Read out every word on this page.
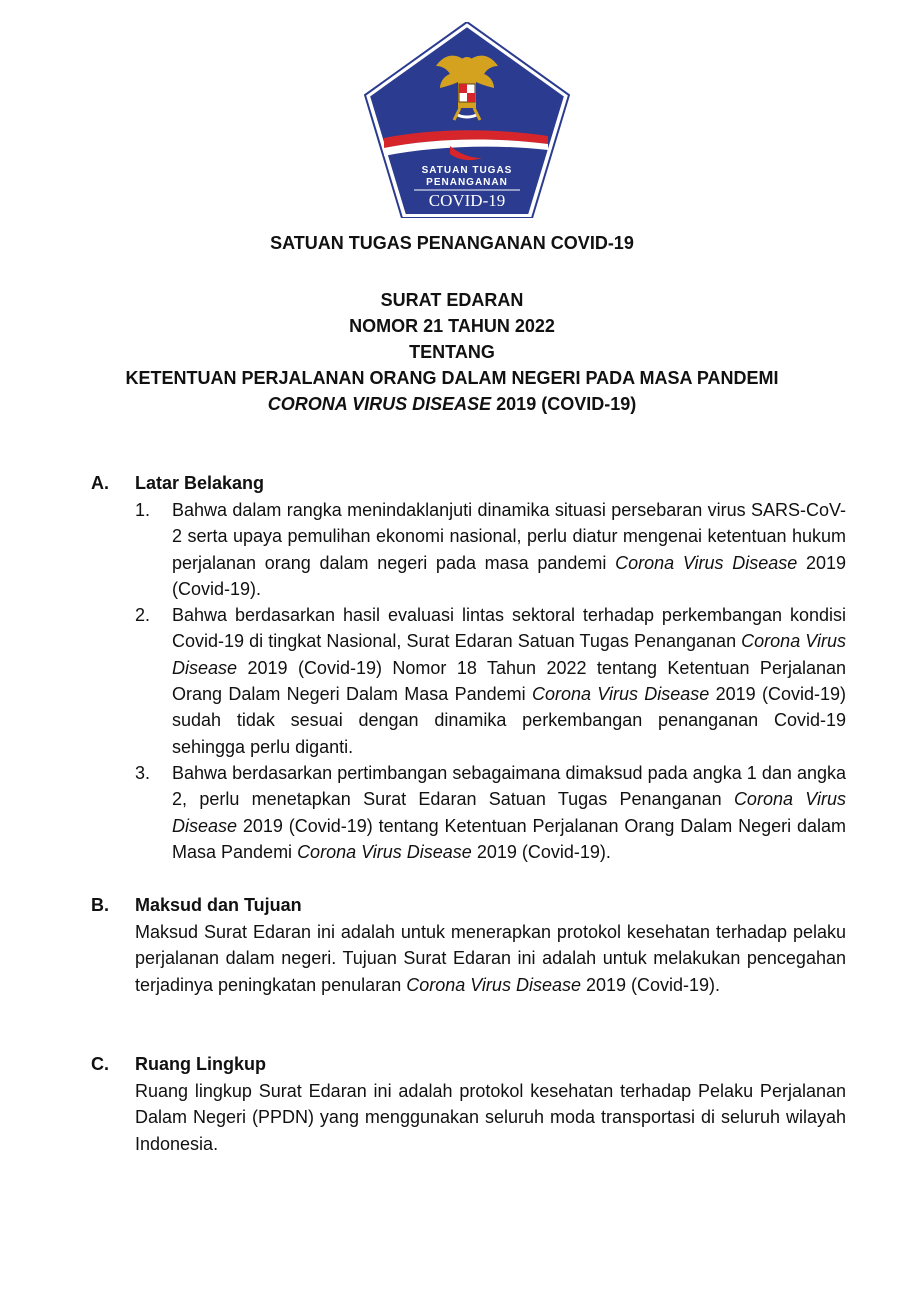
SATUAN TUGAS
PENANGANAN
COVID-19
SATUAN TUGAS PENANGANAN COVID-19
SURAT EDARAN
NOMOR 21 TAHUN 2022
TENTANG
KETENTUAN PERJALANAN ORANG DALAM NEGERI PADA MASA PANDEMI
CORONA VIRUS DISEASE 2019 (COVID-19)
A. Latar Belakang
1. Bahwa dalam rangka menindaklanjuti dinamika situasi persebaran virus SARS-CoV-2 serta upaya pemulihan ekonomi nasional, perlu diatur mengenai ketentuan hukum perjalanan orang dalam negeri pada masa pandemi Corona Virus Disease 2019 (Covid-19).
2. Bahwa berdasarkan hasil evaluasi lintas sektoral terhadap perkembangan kondisi Covid-19 di tingkat Nasional, Surat Edaran Satuan Tugas Penanganan Corona Virus Disease 2019 (Covid-19) Nomor 18 Tahun 2022 tentang Ketentuan Perjalanan Orang Dalam Negeri Dalam Masa Pandemi Corona Virus Disease 2019 (Covid-19) sudah tidak sesuai dengan dinamika perkembangan penanganan Covid-19 sehingga perlu diganti.
3. Bahwa berdasarkan pertimbangan sebagaimana dimaksud pada angka 1 dan angka 2, perlu menetapkan Surat Edaran Satuan Tugas Penanganan Corona Virus Disease 2019 (Covid-19) tentang Ketentuan Perjalanan Orang Dalam Negeri dalam Masa Pandemi Corona Virus Disease 2019 (Covid-19).
B. Maksud dan Tujuan
Maksud Surat Edaran ini adalah untuk menerapkan protokol kesehatan terhadap pelaku perjalanan dalam negeri. Tujuan Surat Edaran ini adalah untuk melakukan pencegahan terjadinya peningkatan penularan Corona Virus Disease 2019 (Covid-19).
C. Ruang Lingkup
Ruang lingkup Surat Edaran ini adalah protokol kesehatan terhadap Pelaku Perjalanan Dalam Negeri (PPDN) yang menggunakan seluruh moda transportasi di seluruh wilayah Indonesia.
